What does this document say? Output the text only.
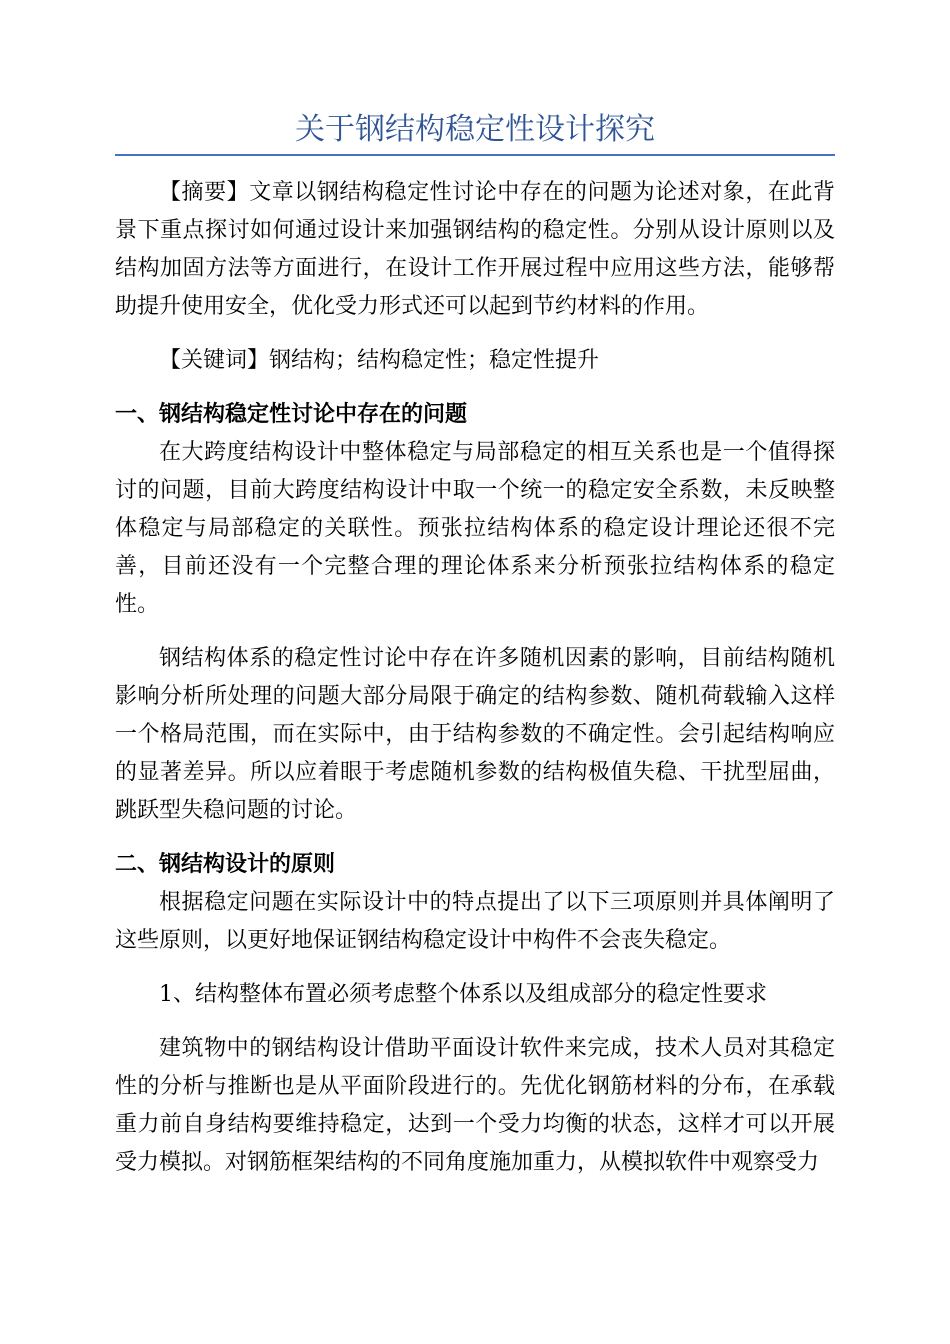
关于钢结构稳定性设计探究

【摘要】文章以钢结构稳定性讨论中存在的问题为论述对象，在此背景下重点探讨如何通过设计来加强钢结构的稳定性。分别从设计原则以及结构加固方法等方面进行，在设计工作开展过程中应用这些方法，能够帮助提升使用安全，优化受力形式还可以起到节约材料的作用。

【关键词】钢结构；结构稳定性；稳定性提升

一、钢结构稳定性讨论中存在的问题

在大跨度结构设计中整体稳定与局部稳定的相互关系也是一个值得探讨的问题，目前大跨度结构设计中取一个统一的稳定安全系数，未反映整体稳定与局部稳定的关联性。预张拉结构体系的稳定设计理论还很不完善，目前还没有一个完整合理的理论体系来分析预张拉结构体系的稳定性。

钢结构体系的稳定性讨论中存在许多随机因素的影响，目前结构随机影响分析所处理的问题大部分局限于确定的结构参数、随机荷载输入这样一个格局范围，而在实际中，由于结构参数的不确定性。会引起结构响应的显著差异。所以应着眼于考虑随机参数的结构极值失稳、干扰型屈曲，跳跃型失稳问题的讨论。

二、钢结构设计的原则

根据稳定问题在实际设计中的特点提出了以下三项原则并具体阐明了这些原则，以更好地保证钢结构稳定设计中构件不会丧失稳定。

1、结构整体布置必须考虑整个体系以及组成部分的稳定性要求

建筑物中的钢结构设计借助平面设计软件来完成，技术人员对其稳定性的分析与推断也是从平面阶段进行的。先优化钢筋材料的分布，在承载重力前自身结构要维持稳定，达到一个受力均衡的状态，这样才可以开展受力模拟。对钢筋框架结构的不同角度施加重力，从模拟软件中观察受力
